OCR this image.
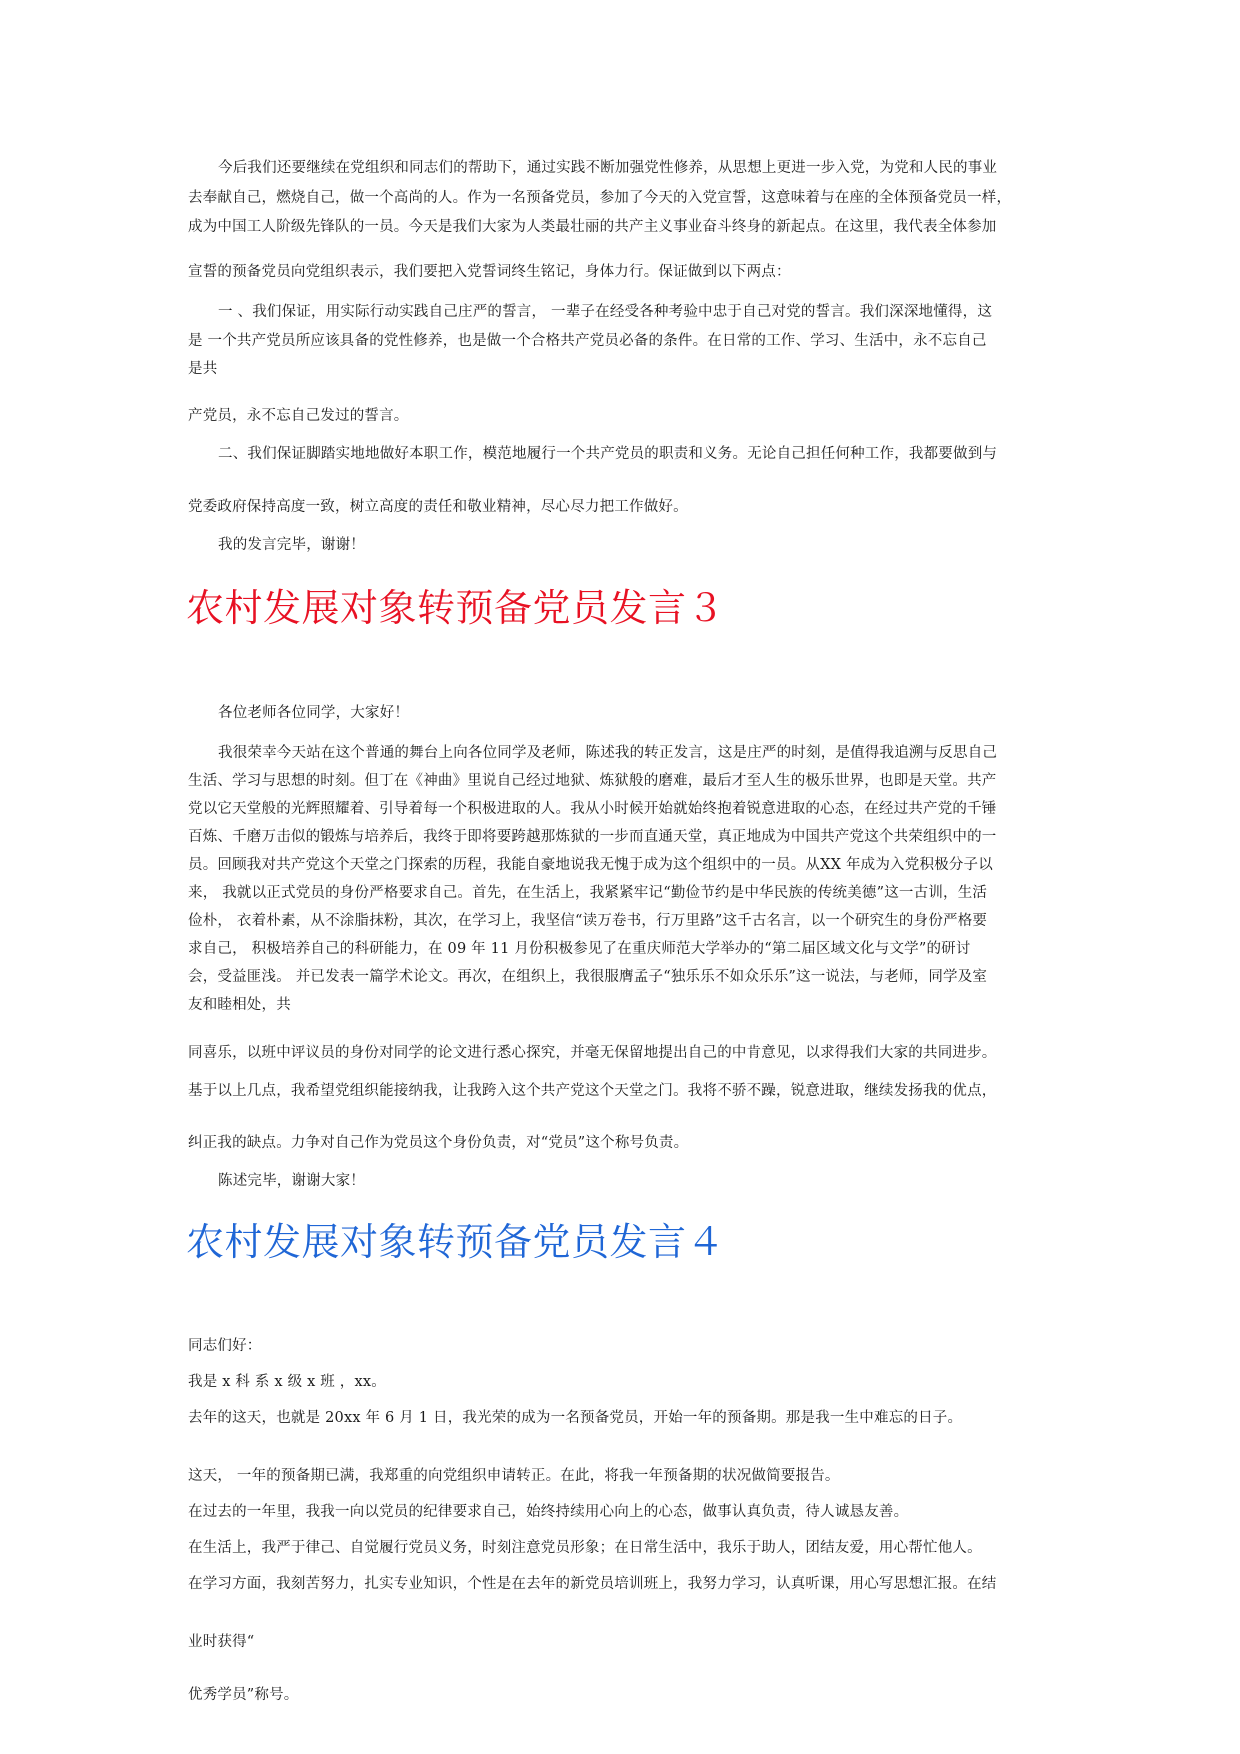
今后我们还要继续在党组织和同志们的帮助下，通过实践不断加强党性修养，从思想上更进一步入党，为党和人民的事业
去奉献自己，燃烧自己，做一个高尚的人。作为一名预备党员，参加了今天的入党宣誓，这意味着与在座的全体预备党员一样，
成为中国工人阶级先锋队的一员。今天是我们大家为人类最壮丽的共产主义事业奋斗终身的新起点。在这里，我代表全体参加
宣誓的预备党员向党组织表示，我们要把入党誓词终生铭记，身体力行。保证做到以下两点：
一 、我们保证，用实际行动实践自己庄严的誓言， 一辈子在经受各种考验中忠于自己对党的誓言。我们深深地懂得，这
是 一个共产党员所应该具备的党性修养，也是做一个合格共产党员必备的条件。在日常的工作、学习、生活中，永不忘自己
是共
产党员，永不忘自己发过的誓言。
二、我们保证脚踏实地地做好本职工作，模范地履行一个共产党员的职责和义务。无论自己担任何种工作，我都要做到与
党委政府保持高度一致，树立高度的责任和敬业精神，尽心尽力把工作做好。
我的发言完毕，谢谢！
农村发展对象转预备党员发言３
各位老师各位同学，大家好！
我很荣幸今天站在这个普通的舞台上向各位同学及老师，陈述我的转正发言，这是庄严的时刻，是值得我追溯与反思自己
生活、学习与思想的时刻。但丁在《神曲》里说自己经过地狱、炼狱般的磨难，最后才至人生的极乐世界，也即是天堂。共产
党以它天堂般的光辉照耀着、引导着每一个积极进取的人。我从小时候开始就始终抱着锐意进取的心态，在经过共产党的千锤
百炼、千磨万击似的锻炼与培养后，我终于即将要跨越那炼狱的一步而直通天堂，真正地成为中国共产党这个共荣组织中的一
员。回顾我对共产党这个天堂之门探索的历程，我能自豪地说我无愧于成为这个组织中的一员。从XX 年成为入党积极分子以
来， 我就以正式党员的身份严格要求自己。首先，在生活上，我紧紧牢记“勤俭节约是中华民族的传统美德”这一古训，生活
俭朴， 衣着朴素，从不涂脂抹粉，其次，在学习上，我坚信“读万卷书，行万里路”这千古名言，以一个研究生的身份严格要
求自己， 积极培养自己的科研能力，在 09 年 11 月份积极参见了在重庆师范大学举办的“第二届区域文化与文学”的研讨
会，受益匪浅。 并已发表一篇学术论文。再次，在组织上，我很服膺孟子“独乐乐不如众乐乐”这一说法，与老师，同学及室
友和睦相处，共
同喜乐，以班中评议员的身份对同学的论文进行悉心探究，并毫无保留地提出自己的中肯意见，以求得我们大家的共同进步。
基于以上几点，我希望党组织能接纳我，让我跨入这个共产党这个天堂之门。我将不骄不躁，锐意进取，继续发扬我的优点，
纠正我的缺点。力争对自己作为党员这个身份负责，对“党员”这个称号负责。
陈述完毕，谢谢大家！
农村发展对象转预备党员发言４
同志们好：
我是 x 科 系 x 级 x 班 ，xx。
去年的这天，也就是 20xx 年 6 月 1 日，我光荣的成为一名预备党员，开始一年的预备期。那是我一生中难忘的日子。
这天， 一年的预备期已满，我郑重的向党组织申请转正。在此，将我一年预备期的状况做简要报告。
在过去的一年里，我我一向以党员的纪律要求自己，始终持续用心向上的心态，做事认真负责，待人诚恳友善。
在生活上，我严于律己、自觉履行党员义务，时刻注意党员形象；在日常生活中，我乐于助人，团结友爱，用心帮忙他人。
在学习方面，我刻苦努力，扎实专业知识，个性是在去年的新党员培训班上，我努力学习，认真听课，用心写思想汇报。在结
业时获得“
优秀学员”称号。
